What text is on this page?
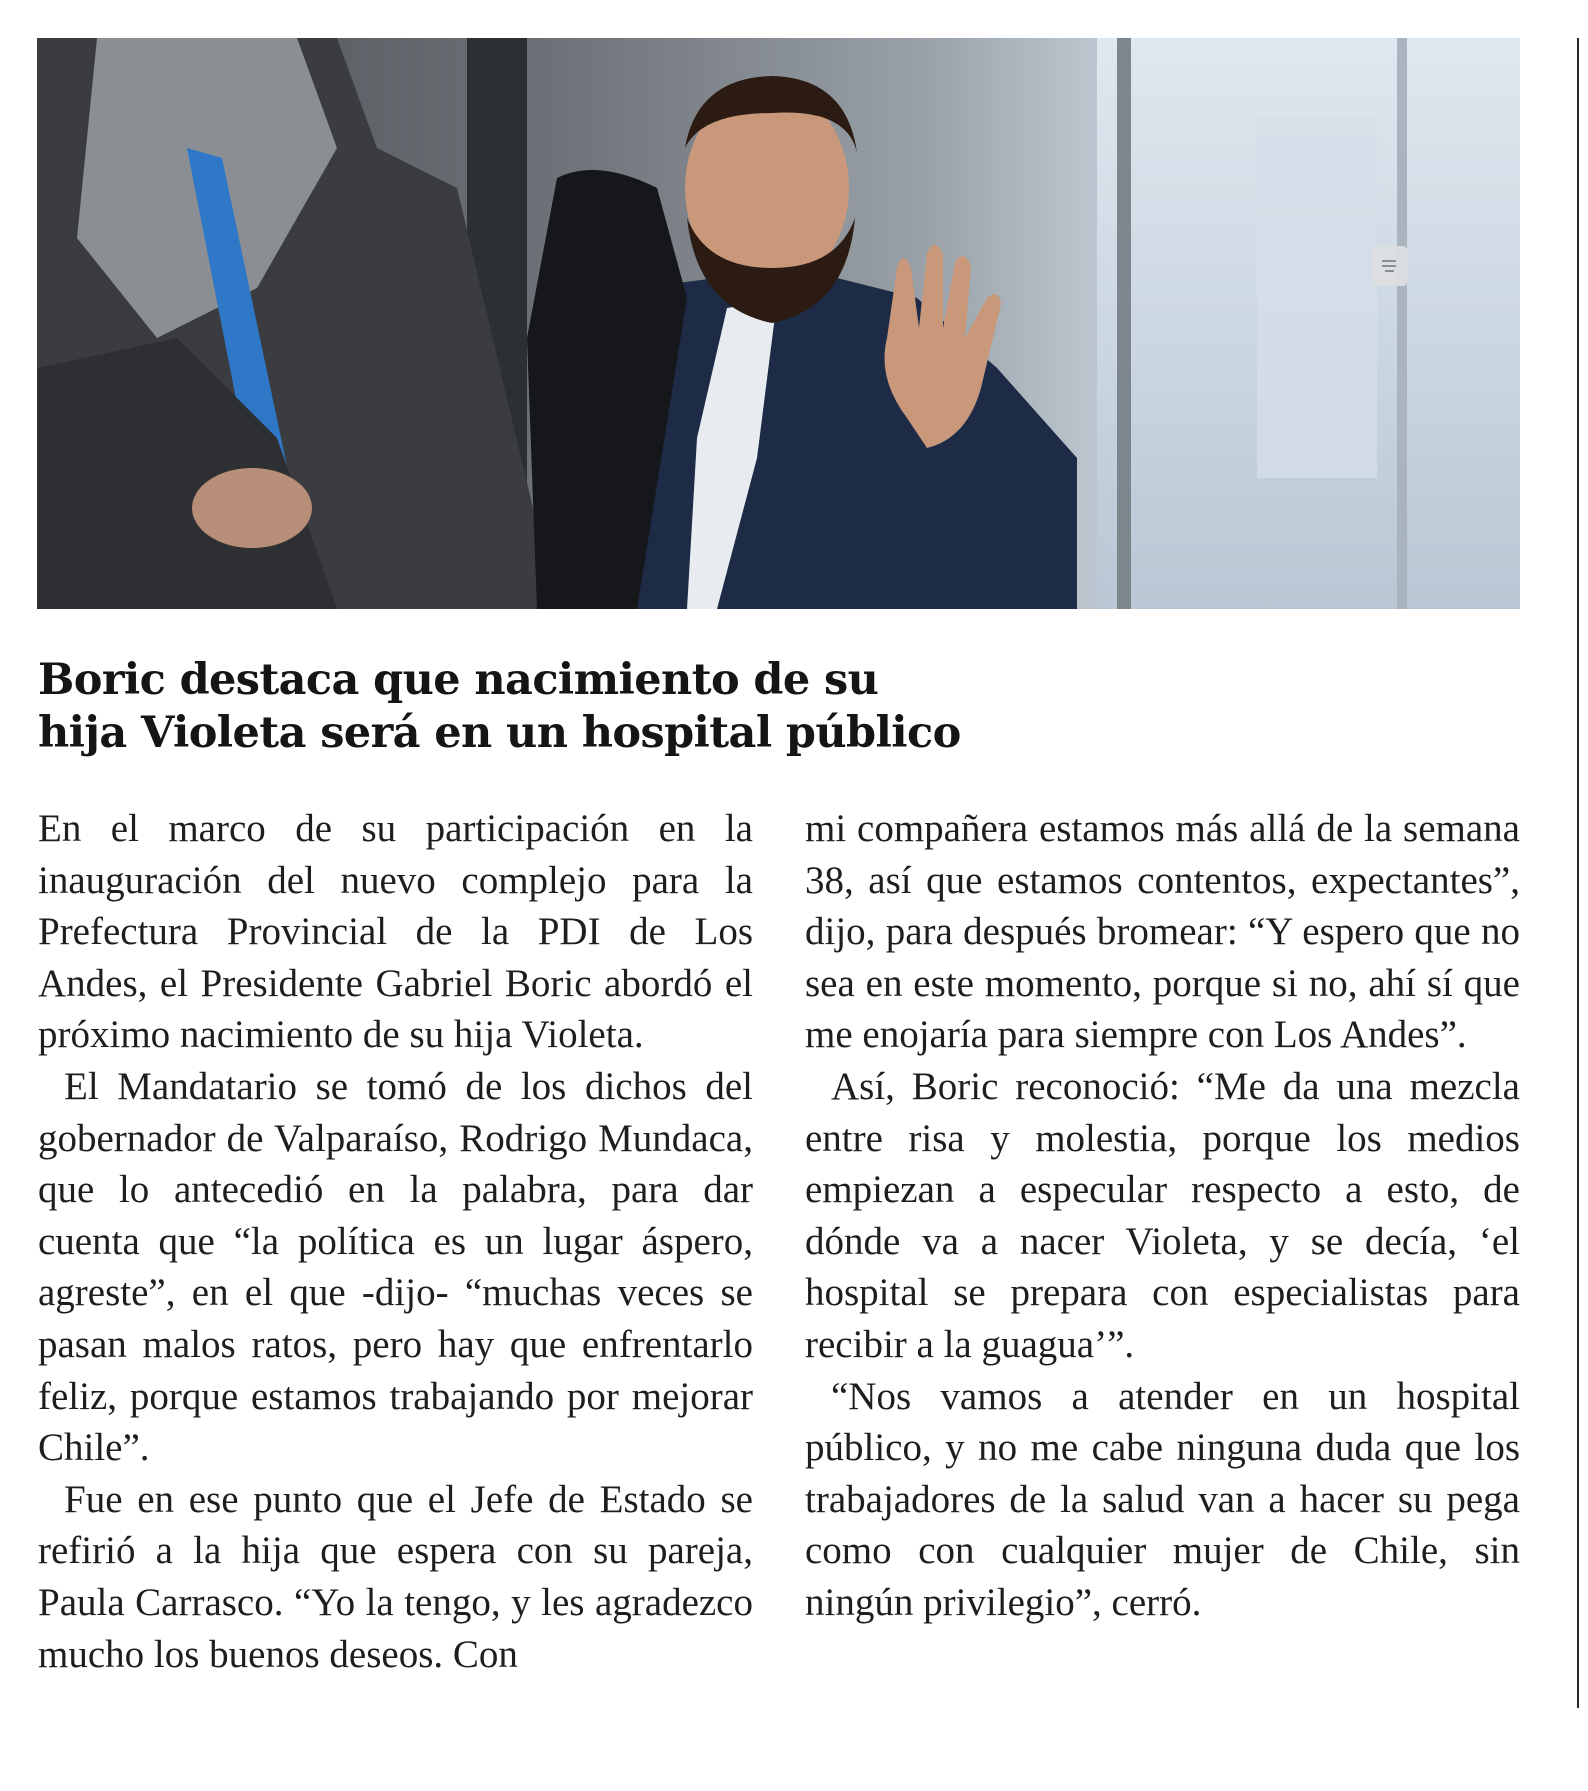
Boric destaca que nacimiento de su
hija Violeta será en un hospital público

En el marco de su participación en la inauguración del nuevo complejo para la Prefectura Provincial de la PDI de Los Andes, el Presidente Gabriel Boric abordó el próximo nacimiento de su hija Violeta.

El Mandatario se tomó de los dichos del gobernador de Valparaíso, Rodrigo Mundaca, que lo antecedió en la palabra, para dar cuenta que “la política es un lugar áspero, agreste”, en el que -dijo- “muchas veces se pasan malos ratos, pero hay que enfrentarlo feliz, porque estamos trabajando por mejorar Chile”.

Fue en ese punto que el Jefe de Estado se refirió a la hija que espera con su pareja, Paula Carrasco. “Yo la tengo, y les agradezco mucho los buenos deseos. Con

mi compañera estamos más allá de la semana 38, así que estamos contentos, expectantes”, dijo, para después bromear: “Y espero que no sea en este momento, porque si no, ahí sí que me enojaría para siempre con Los Andes”.

Así, Boric reconoció: “Me da una mezcla entre risa y molestia, porque los medios empiezan a especular respecto a esto, de dónde va a nacer Violeta, y se decía, ‘el hospital se prepara con especialistas para recibir a la guagua’”.

“Nos vamos a atender en un hospital público, y no me cabe ninguna duda que los trabajadores de la salud van a hacer su pega como con cualquier mujer de Chile, sin ningún privilegio”, cerró.
